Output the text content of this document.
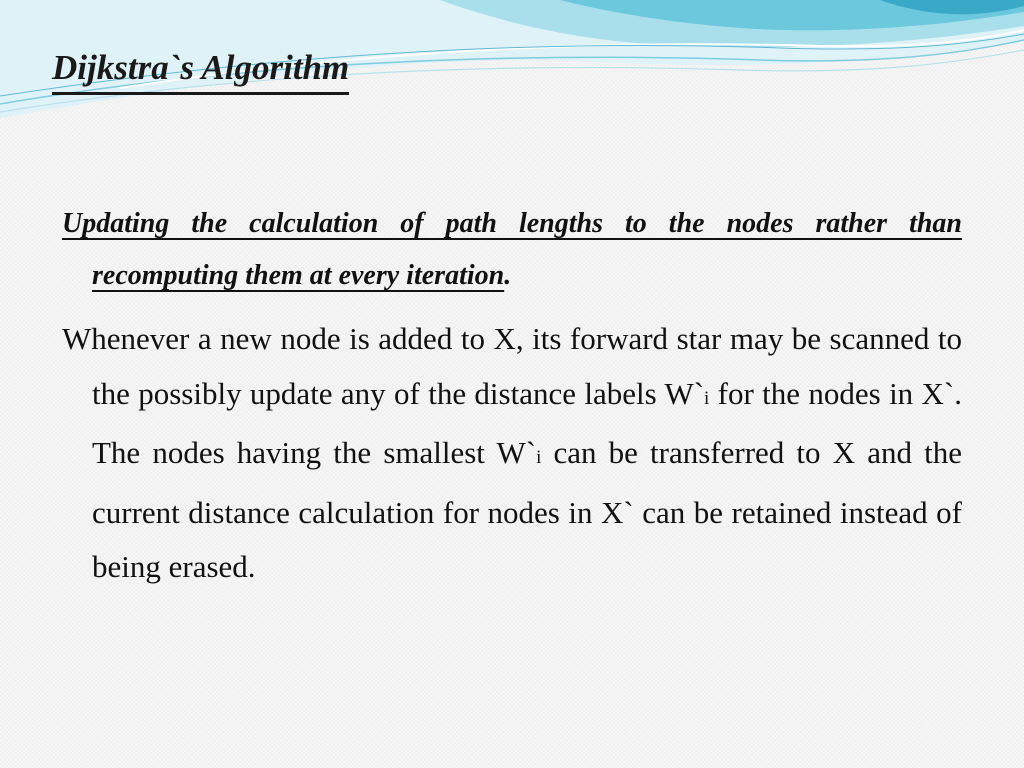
Dijkstra`s Algorithm

Updating the calculation of path lengths to the nodes rather than recomputing them at every iteration.

Whenever a new node is added to X, its forward star may be scanned to the possibly update any of the distance labels W`i for the nodes in X`. The nodes having the smallest W`i can be transferred to X and the current distance calculation for nodes in X` can be retained instead of being erased.
